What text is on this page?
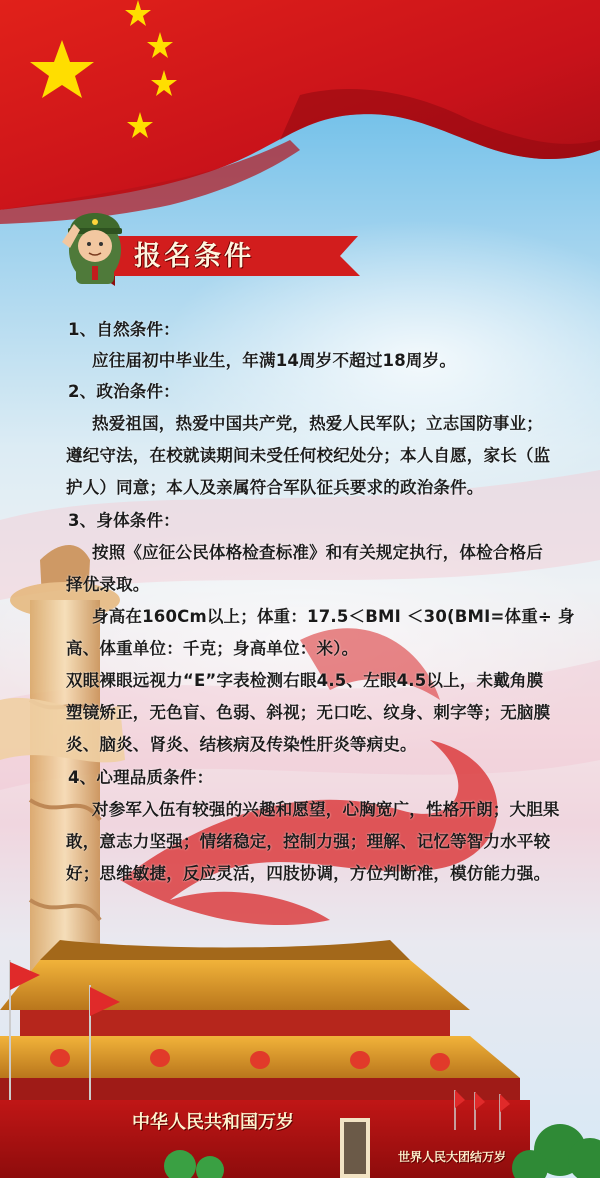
报名条件
1、自然条件：
应往届初中毕业生，年满14周岁不超过18周岁。
2、政治条件：
热爱祖国，热爱中国共产党，热爱人民军队；立志国防事业；
遵纪守法，在校就读期间未受任何校纪处分；本人自愿，家长（监
护人）同意；本人及亲属符合军队征兵要求的政治条件。
3、身体条件：
按照《应征公民体格检查标准》和有关规定执行，体检合格后
择优录取。
身高在160Cm以上；体重：17.5＜BMI ＜30(BMI=体重÷ 身
高、体重单位：千克；身高单位：米）。
双眼裸眼远视力“E”字表检测右眼4.5、左眼4.5以上，未戴角膜
塑镜矫正，无色盲、色弱、斜视；无口吃、纹身、刺字等；无脑膜
炎、脑炎、肾炎、结核病及传染性肝炎等病史。
4、心理品质条件：
对参军入伍有较强的兴趣和愿望，心胸宽广，性格开朗；大胆果
敢，意志力坚强；情绪稳定，控制力强；理解、记忆等智力水平较
好；思维敏捷，反应灵活，四肢协调，方位判断准，模仿能力强。
中华人民共和国万岁
世界人民大团结万岁
